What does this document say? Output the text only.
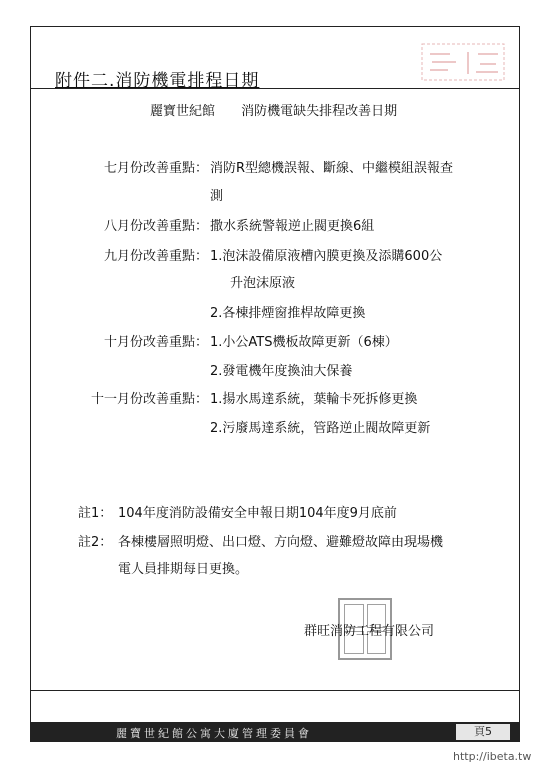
附件二.消防機電排程日期
麗寶世紀館 消防機電缺失排程改善日期
七月份改善重點： 消防R型總機誤報、斷線、中繼模組誤報查
測
八月份改善重點： 撒水系統警報逆止閥更換6組
九月份改善重點： 1.泡沫設備原液槽內膜更換及添購600公
升泡沫原液
2.各棟排煙窗推桿故障更換
十月份改善重點： 1.小公ATS機板故障更新（6棟）
2.發電機年度換油大保養
十一月份改善重點： 1.揚水馬達系統，葉輪卡死拆修更換
2.污廢馬達系統，管路逆止閥故障更新
註1： 104年度消防設備安全申報日期104年度9月底前
註2： 各棟樓層照明燈、出口燈、方向燈、避難燈故障由現場機
電人員排期每日更換。
群旺消防工程有限公司
麗寶世紀館公寓大廈管理委員會	頁5
http://ibeta.tw
